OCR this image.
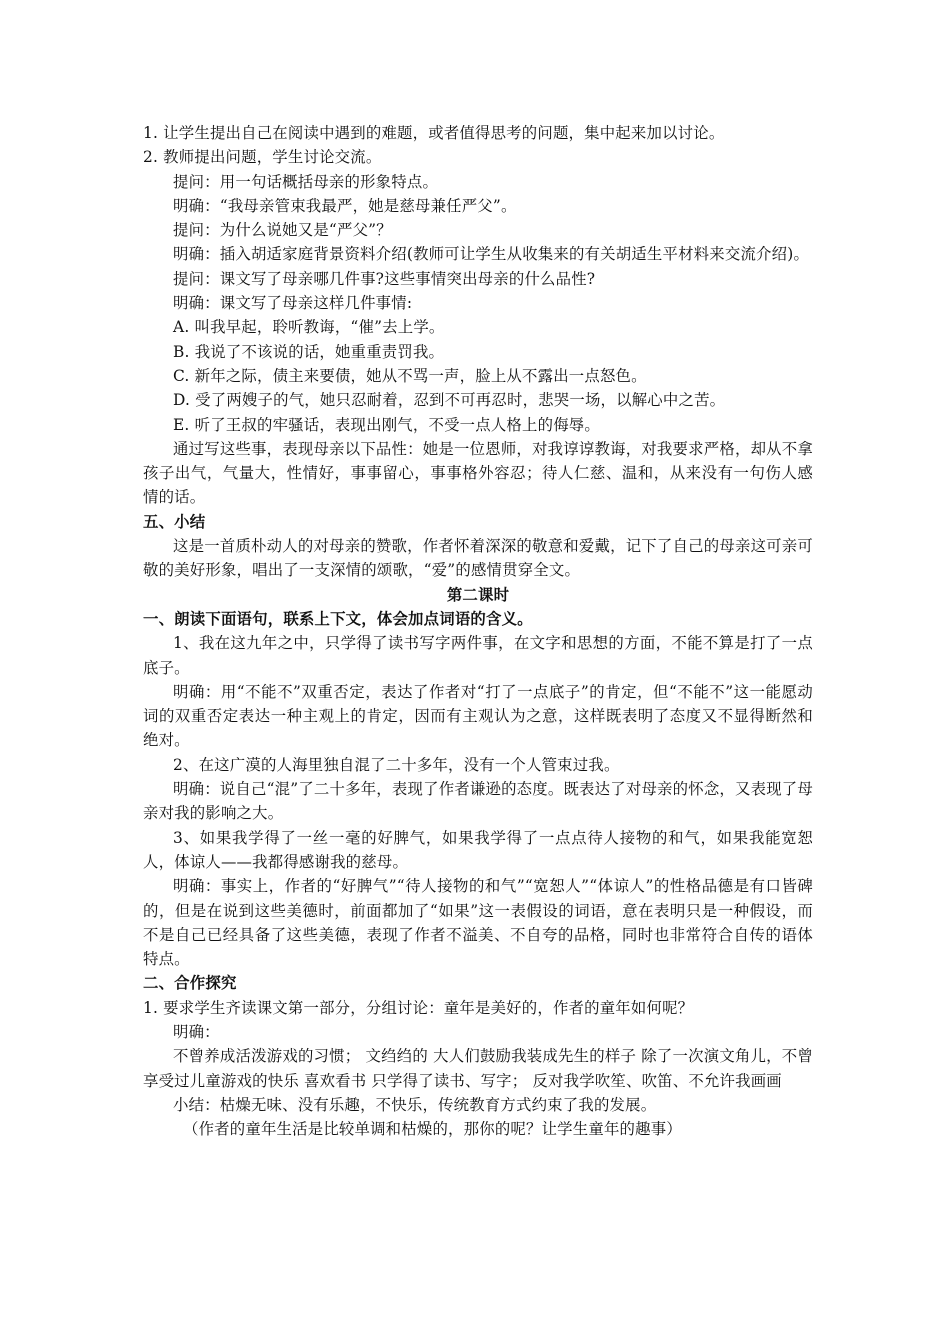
1. 让学生提出自己在阅读中遇到的难题，或者值得思考的问题，集中起来加以讨论。
2. 教师提出问题，学生讨论交流。
提问：用一句话概括母亲的形象特点。
明确：“我母亲管束我最严，她是慈母兼任严父”。
提问：为什么说她又是“严父”？
明确：插入胡适家庭背景资料介绍(教师可让学生从收集来的有关胡适生平材料来交流介绍)。
提问：课文写了母亲哪几件事?这些事情突出母亲的什么品性?
明确：课文写了母亲这样几件事情:
A. 叫我早起，聆听教诲，“催”去上学。
B. 我说了不该说的话，她重重责罚我。
C. 新年之际，债主来要债，她从不骂一声，脸上从不露出一点怒色。
D. 受了两嫂子的气，她只忍耐着，忍到不可再忍时，悲哭一场，以解心中之苦。
E. 听了王叔的牢骚话，表现出刚气，不受一点人格上的侮辱。
通过写这些事，表现母亲以下品性：她是一位恩师，对我谆谆教诲，对我要求严格，却从不拿孩子出气，气量大，性情好，事事留心，事事格外容忍；待人仁慈、温和，从来没有一句伤人感情的话。
五、小结
这是一首质朴动人的对母亲的赞歌，作者怀着深深的敬意和爱戴，记下了自己的母亲这可亲可敬的美好形象，唱出了一支深情的颂歌，“爱”的感情贯穿全文。
第二课时
一、朗读下面语句，联系上下文，体会加点词语的含义。
1、我在这九年之中，只学得了读书写字两件事，在文字和思想的方面，不能不算是打了一点底子。
明确：用“不能不”双重否定，表达了作者对“打了一点底子”的肯定，但“不能不”这一能愿动词的双重否定表达一种主观上的肯定，因而有主观认为之意，这样既表明了态度又不显得断然和绝对。
2、在这广漠的人海里独自混了二十多年，没有一个人管束过我。
明确：说自己“混”了二十多年，表现了作者谦逊的态度。既表达了对母亲的怀念，又表现了母亲对我的影响之大。
3、如果我学得了一丝一毫的好脾气，如果我学得了一点点待人接物的和气，如果我能宽恕人，体谅人——我都得感谢我的慈母。
明确：事实上，作者的“好脾气”“待人接物的和气”“宽恕人”“体谅人”的性格品德是有口皆碑的，但是在说到这些美德时，前面都加了“如果”这一表假设的词语，意在表明只是一种假设，而不是自己已经具备了这些美德，表现了作者不溢美、不自夸的品格，同时也非常符合自传的语体特点。
二、合作探究
1. 要求学生齐读课文第一部分，分组讨论：童年是美好的，作者的童年如何呢？
明确：
不曾养成活泼游戏的习惯； 文绉绉的 大人们鼓励我装成先生的样子 除了一次演文角儿，不曾享受过儿童游戏的快乐 喜欢看书 只学得了读书、写字； 反对我学吹笙、吹笛、不允许我画画
小结：枯燥无味、没有乐趣，不快乐，传统教育方式约束了我的发展。
（作者的童年生活是比较单调和枯燥的，那你的呢？让学生童年的趣事）
